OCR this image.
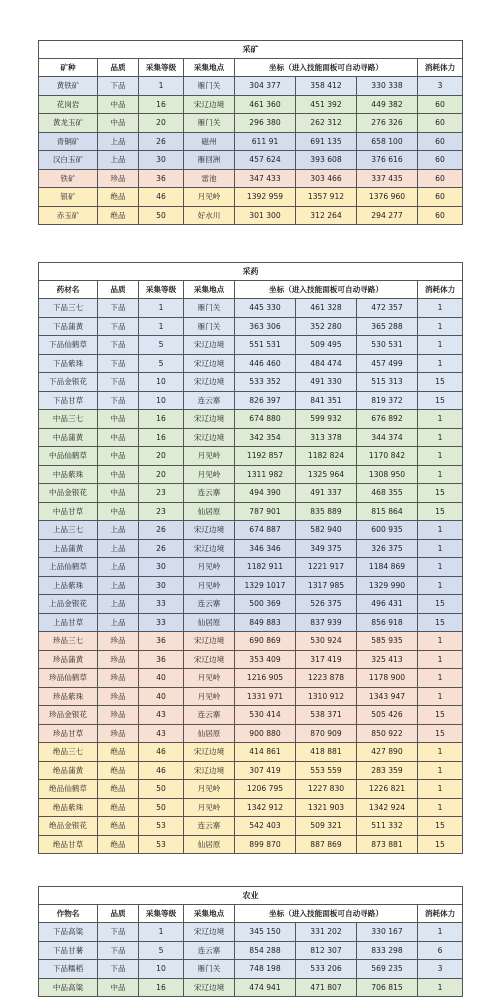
采矿							
矿种	品质	采集等级	采集地点	坐标（进入技能面板可自动寻路）			消耗体力
黄铁矿	下品	1	雁门关	304 377	358 412	330 338	3
花岗岩	中品	16	宋辽边境	461 360	451 392	449 382	60
黄龙玉矿	中品	20	雁门关	296 380	262 312	276 326	60
青铜矿	上品	26	磁州	611 91	691 135	658 100	60
汉白玉矿	上品	30	雁回洲	457 624	393 608	376 616	60
铁矿	珍品	36	雷池	347 433	303 466	337 435	60
银矿	绝品	46	月见岭	1392 959	1357 912	1376 960	60
赤玉矿	绝品	50	好水川	301 300	312 264	294 277	60
采药							
药材名	品质	采集等级	采集地点	坐标（进入技能面板可自动寻路）			消耗体力
下品三七	下品	1	雁门关	445 330	461 328	472 357	1
下品蒲黄	下品	1	雁门关	363 306	352 280	365 288	1
下品仙鹤草	下品	5	宋辽边境	551 531	509 495	530 531	1
下品紫珠	下品	5	宋辽边境	446 460	484 474	457 499	1
下品金银花	下品	10	宋辽边境	533 352	491 330	515 313	15
下品甘草	下品	10	连云寨	826 397	841 351	819 372	15
中品三七	中品	16	宋辽边境	674 880	599 932	676 892	1
中品蒲黄	中品	16	宋辽边境	342 354	313 378	344 374	1
中品仙鹤草	中品	20	月见岭	1192 857	1182 824	1170 842	1
中品紫珠	中品	20	月见岭	1311 982	1325 964	1308 950	1
中品金银花	中品	23	连云寨	494 390	491 337	468 355	15
中品甘草	中品	23	仙居原	787 901	835 889	815 864	15
上品三七	上品	26	宋辽边境	674 887	582 940	600 935	1
上品蒲黄	上品	26	宋辽边境	346 346	349 375	326 375	1
上品仙鹤草	上品	30	月见岭	1182 911	1221 917	1184 869	1
上品紫珠	上品	30	月见岭	1329 1017	1317 985	1329 990	1
上品金银花	上品	33	连云寨	500 369	526 375	496 431	15
上品甘草	上品	33	仙居原	849 883	837 939	856 918	15
珍品三七	珍品	36	宋辽边境	690 869	530 924	585 935	1
珍品蒲黄	珍品	36	宋辽边境	353 409	317 419	325 413	1
珍品仙鹤草	珍品	40	月见岭	1216 905	1223 878	1178 900	1
珍品紫珠	珍品	40	月见岭	1331 971	1310 912	1343 947	1
珍品金银花	珍品	43	连云寨	530 414	538 371	505 426	15
珍品甘草	珍品	43	仙居原	900 880	870 909	850 922	15
绝品三七	绝品	46	宋辽边境	414 861	418 881	427 890	1
绝品蒲黄	绝品	46	宋辽边境	307 419	553 559	283 359	1
绝品仙鹤草	绝品	50	月见岭	1206 795	1227 830	1226 821	1
绝品紫珠	绝品	50	月见岭	1342 912	1321 903	1342 924	1
绝品金银花	绝品	53	连云寨	542 403	509 321	511 332	15
绝品甘草	绝品	53	仙居原	899 870	887 869	873 881	15
农业							
作物名	品质	采集等级	采集地点	坐标（进入技能面板可自动寻路）			消耗体力
下品高粱	下品	1	宋辽边境	345 150	331 202	330 167	1
下品甘薯	下品	5	连云寨	854 288	812 307	833 298	6
下品糯稻	下品	10	雁门关	748 198	533 206	569 235	3
中品高粱	中品	16	宋辽边境	474 941	471 807	706 815	1
